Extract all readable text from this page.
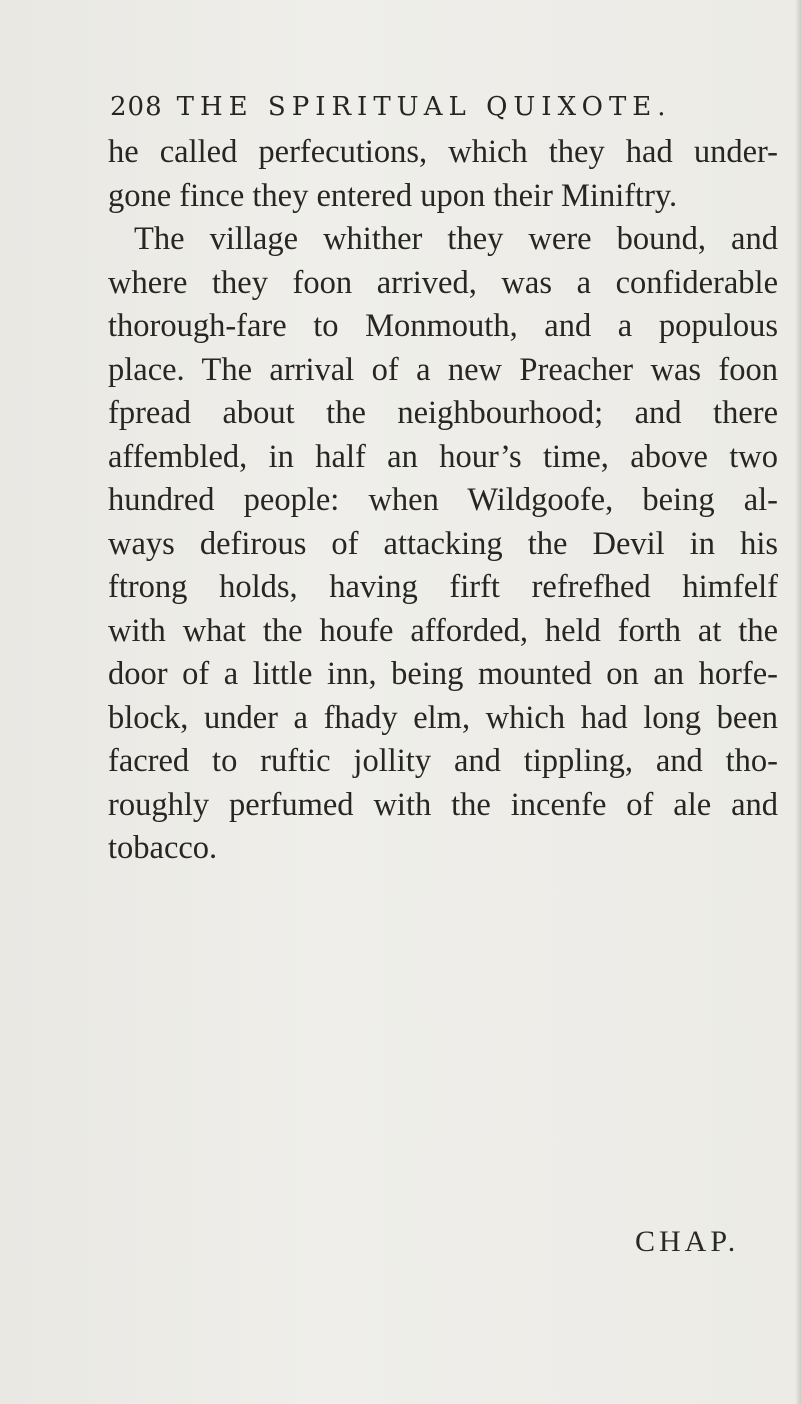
208 THE SPIRITUAL QUIXOTE.
he called perfecutions, which they had under-
gone fince they entered upon their Miniftry.
The village whither they were bound, and
where they foon arrived, was a confiderable
thorough-fare to Monmouth, and a populous
place. The arrival of a new Preacher was foon
fpread about the neighbourhood; and there
affembled, in half an hour’s time, above two
hundred people: when Wildgoofe, being al-
ways defirous of attacking the Devil in his
ftrong holds, having firft refrefhed himfelf
with what the houfe afforded, held forth at the
door of a little inn, being mounted on an horfe-
block, under a fhady elm, which had long been
facred to ruftic jollity and tippling, and tho-
roughly perfumed with the incenfe of ale and
tobacco.
CHAP.
